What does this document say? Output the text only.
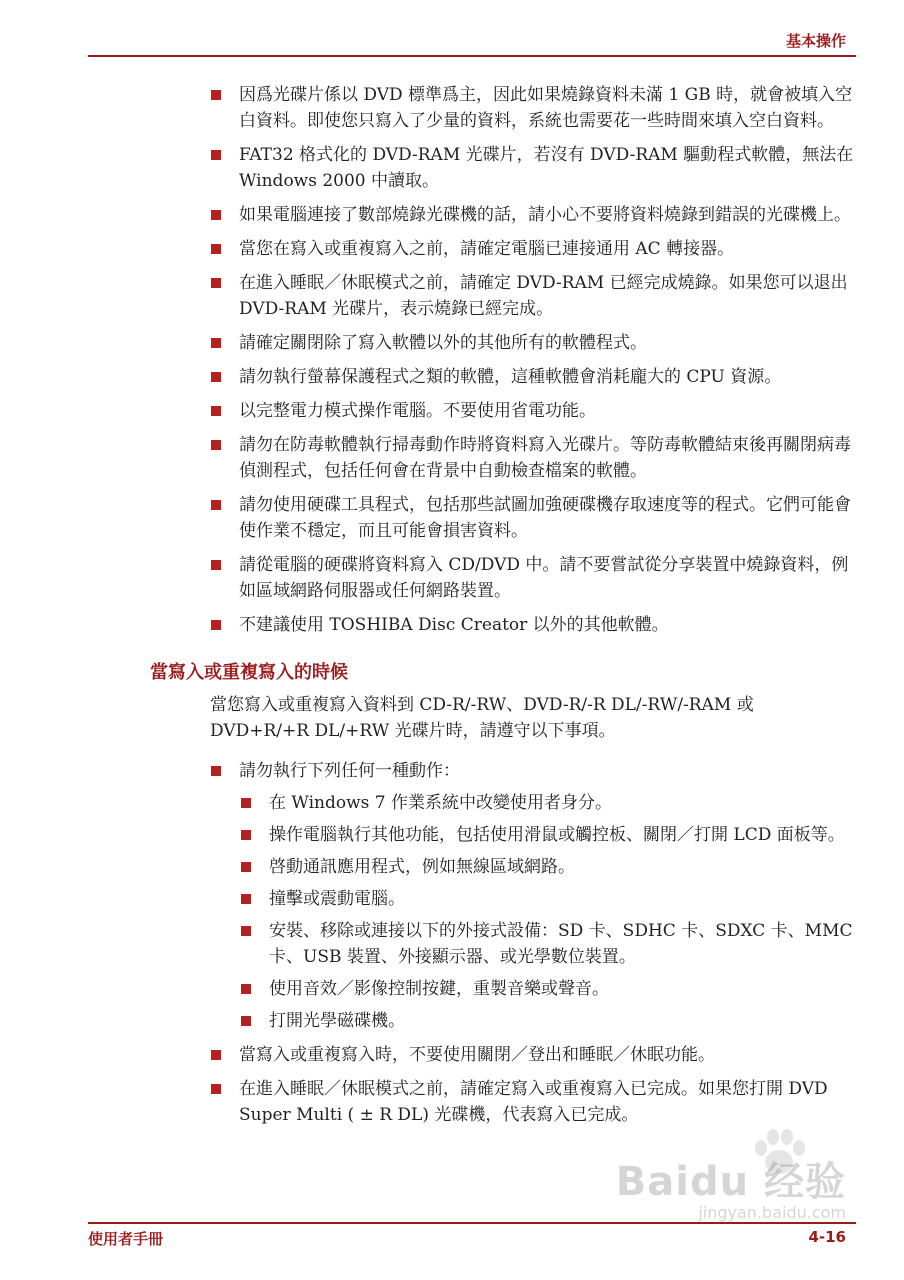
基本操作
因爲光碟片係以 DVD 標準爲主，因此如果燒錄資料未滿 1 GB 時，就會被填入空白資料。即使您只寫入了少量的資料，系統也需要花一些時間來填入空白資料。
FAT32 格式化的 DVD-RAM 光碟片，若沒有 DVD-RAM 驅動程式軟體，無法在 Windows 2000 中讀取。
如果電腦連接了數部燒錄光碟機的話，請小心不要將資料燒錄到錯誤的光碟機上。
當您在寫入或重複寫入之前，請確定電腦已連接通用 AC 轉接器。
在進入睡眠／休眠模式之前，請確定 DVD-RAM 已經完成燒錄。如果您可以退出 DVD-RAM 光碟片，表示燒錄已經完成。
請確定關閉除了寫入軟體以外的其他所有的軟體程式。
請勿執行螢幕保護程式之類的軟體，這種軟體會消耗龐大的 CPU 資源。
以完整電力模式操作電腦。不要使用省電功能。
請勿在防毒軟體執行掃毒動作時將資料寫入光碟片。等防毒軟體結束後再關閉病毒偵測程式，包括任何會在背景中自動檢查檔案的軟體。
請勿使用硬碟工具程式，包括那些試圖加強硬碟機存取速度等的程式。它們可能會使作業不穩定，而且可能會損害資料。
請從電腦的硬碟將資料寫入 CD/DVD 中。請不要嘗試從分享裝置中燒錄資料，例如區域網路伺服器或任何網路裝置。
不建議使用 TOSHIBA Disc Creator 以外的其他軟體。
當寫入或重複寫入的時候
當您寫入或重複寫入資料到 CD-R/-RW、DVD-R/-R DL/-RW/-RAM 或 DVD+R/+R DL/+RW 光碟片時，請遵守以下事項。
請勿執行下列任何一種動作：
在 Windows 7 作業系統中改變使用者身分。
操作電腦執行其他功能，包括使用滑鼠或觸控板、關閉／打開 LCD 面板等。
啓動通訊應用程式，例如無線區域網路。
撞擊或震動電腦。
安裝、移除或連接以下的外接式設備：SD 卡、SDHC 卡、SDXC 卡、MMC 卡、USB 裝置、外接顯示器、或光學數位裝置。
使用音效／影像控制按鍵，重製音樂或聲音。
打開光學磁碟機。
當寫入或重複寫入時，不要使用關閉／登出和睡眠／休眠功能。
在進入睡眠／休眠模式之前，請確定寫入或重複寫入已完成。如果您打開 DVD Super Multi ( ± R DL) 光碟機，代表寫入已完成。
Baidu 经验
jingyan.baidu.com
使用者手冊	4-16
